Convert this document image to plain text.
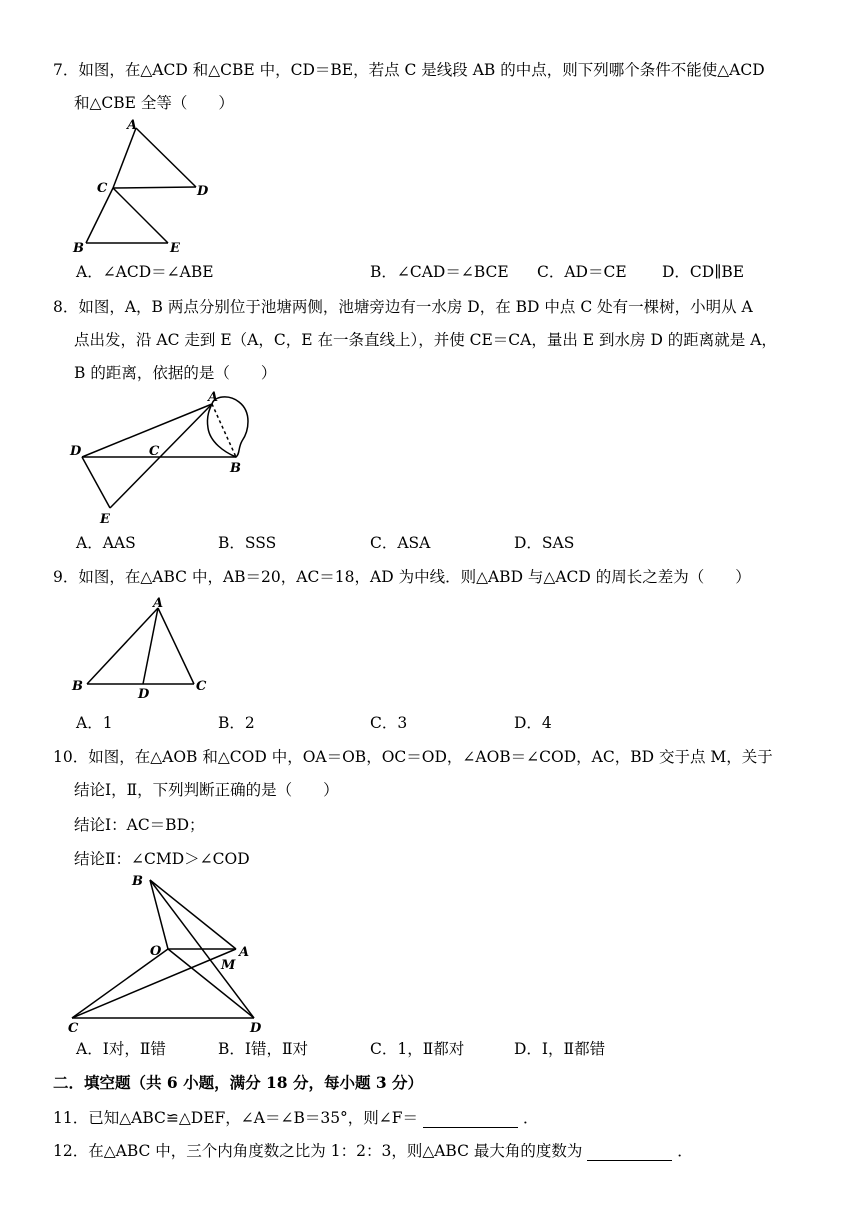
7．如图，在△ACD 和△CBE 中，CD＝BE，若点 C 是线段 AB 的中点，则下列哪个条件不能使△ACD
和△CBE 全等（　　）
A
C	D
B	E
A．∠ACD＝∠ABE	B．∠CAD＝∠BCE C．AD＝CE D．CD∥BE
8．如图，A，B 两点分别位于池塘两侧，池塘旁边有一水房 D，在 BD 中点 C 处有一棵树，小明从 A
点出发，沿 AC 走到 E（A，C，E 在一条直线上），并使 CE＝CA，量出 E 到水房 D 的距离就是 A，
B 的距离，依据的是（　　）
A
D	C
B
E
A．AAS	B．SSS	C．ASA	D．SAS
9．如图，在△ABC 中，AB＝20，AC＝18，AD 为中线．则△ABD 与△ACD 的周长之差为（　　）
A
B
D
C
A．1	B．2	C．3	D．4
10．如图，在△AOB 和△COD 中，OA＝OB，OC＝OD，∠AOB＝∠COD，AC，BD 交于点 M，关于
结论Ⅰ，Ⅱ，下列判断正确的是（　　）
结论Ⅰ：AC＝BD；
结论Ⅱ：∠CMD＞∠COD
B
O	A
M
C	D
A．Ⅰ对，Ⅱ错	B．Ⅰ错，Ⅱ对	C．1，Ⅱ都对	D．Ⅰ，Ⅱ都错
二．填空题（共 6 小题，满分 18 分，每小题 3 分）
11．已知△ABC≌△DEF，∠A＝∠B＝35°，则∠F＝	．
12．在△ABC 中，三个内角度数之比为 1：2：3，则△ABC 最大角的度数为	．
